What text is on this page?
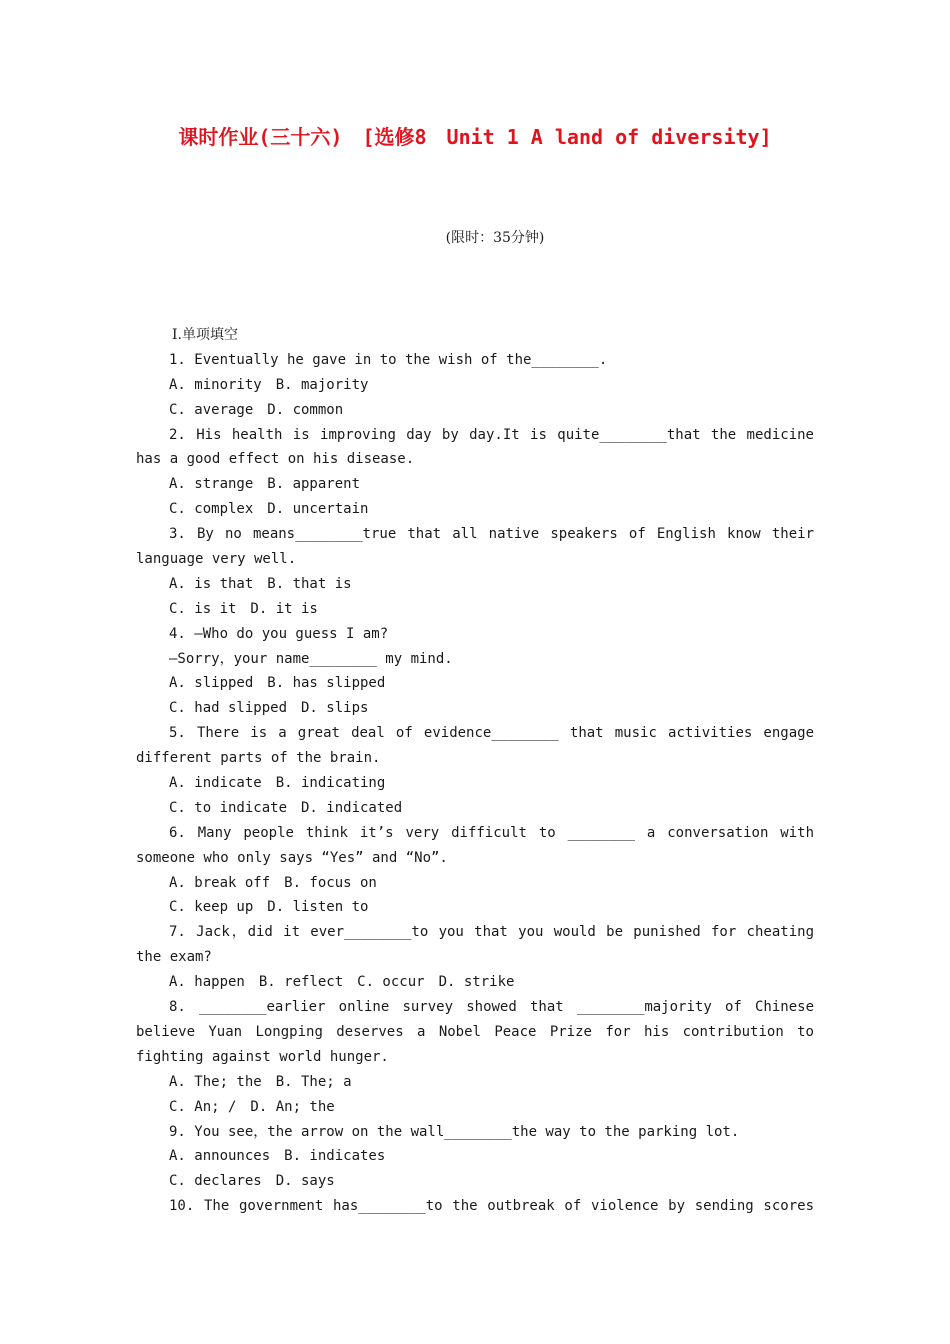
课时作业(三十六)　[选修8　Unit 1 A land of diversity]
(限时：35分钟)
Ⅰ.单项填空
1. Eventually he gave in to the wish of the________.
A. minority　B. majority
C. average　D. common
2. His health is improving day by day.It is quite________that the medicine
has a good effect on his disease.
A. strange　B. apparent
C. complex　D. uncertain
3. By no means________true that all native speakers of English know their
language very well.
A. is that　B. that is
C. is it　D. it is
4. —Who do you guess I am?
—Sorry，your name________ my mind.
A. slipped　B. has slipped
C. had slipped　D. slips
5. There is a great deal of evidence________ that music activities engage
different parts of the brain.
A. indicate　B. indicating
C. to indicate　D. indicated
6. Many people think it’s very difficult to ________ a conversation with
someone who only says “Yes” and “No”.
A. break off　B. focus on
C. keep up　D. listen to
7. Jack，did it ever________to you that you would be punished for cheating
the exam?
A. happen　B. reflect　C. occur　D. strike
8. ________earlier online survey showed that ________majority of Chinese
believe Yuan Longping deserves a Nobel Peace Prize for his contribution to
fighting against world hunger.
A. The; the　B. The; a
C. An; /　D. An; the
9. You see，the arrow on the wall________the way to the parking lot.
A. announces　B. indicates
C. declares　D. says
10. The government has________to the outbreak of violence by sending scores
